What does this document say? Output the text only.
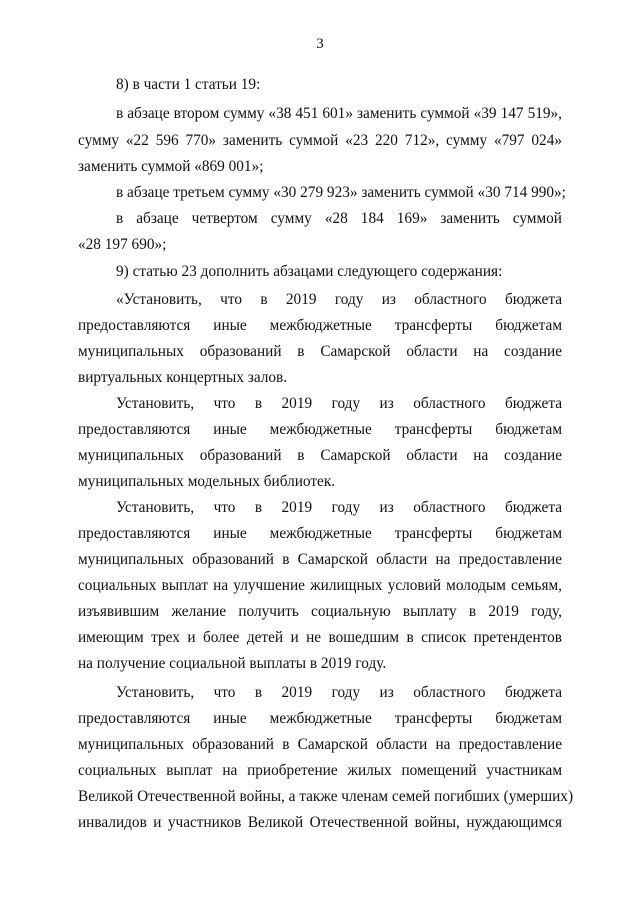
3
8) в части 1 статьи 19:
в абзаце втором сумму «38 451 601» заменить суммой «39 147 519»,
сумму «22 596 770» заменить суммой «23 220 712», сумму «797 024»
заменить суммой «869 001»;
в абзаце третьем сумму «30 279 923» заменить суммой «30 714 990»;
в абзаце четвертом сумму «28 184 169» заменить суммой
«28 197 690»;
9) статью 23 дополнить абзацами следующего содержания:
«Установить, что в 2019 году из областного бюджета
предоставляются иные межбюджетные трансферты бюджетам
муниципальных образований в Самарской области на создание
виртуальных концертных залов.
Установить, что в 2019 году из областного бюджета
предоставляются иные межбюджетные трансферты бюджетам
муниципальных образований в Самарской области на создание
муниципальных модельных библиотек.
Установить, что в 2019 году из областного бюджета
предоставляются иные межбюджетные трансферты бюджетам
муниципальных образований в Самарской области на предоставление
социальных выплат на улучшение жилищных условий молодым семьям,
изъявившим желание получить социальную выплату в 2019 году,
имеющим трех и более детей и не вошедшим в список претендентов
на получение социальной выплаты в 2019 году.
Установить, что в 2019 году из областного бюджета
предоставляются иные межбюджетные трансферты бюджетам
муниципальных образований в Самарской области на предоставление
социальных выплат на приобретение жилых помещений участникам
Великой Отечественной войны, а также членам семей погибших (умерших)
инвалидов и участников Великой Отечественной войны, нуждающимся
